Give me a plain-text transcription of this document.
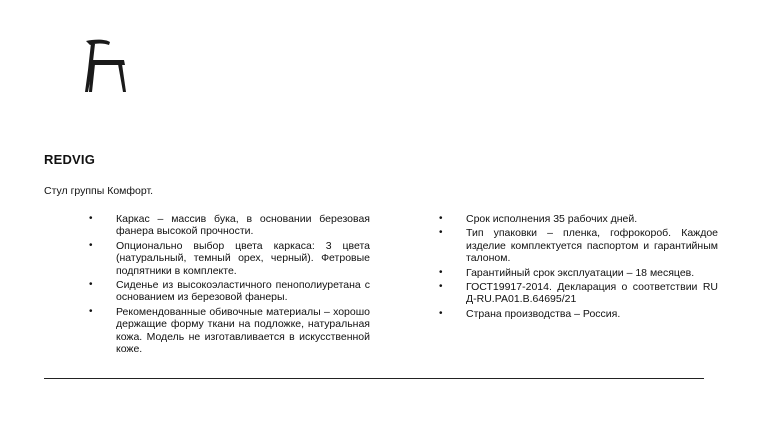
REDVIG
Стул группы Комфорт.
• Каркас – массив бука, в основании березовая фанера высокой прочности.
• Опционально выбор цвета каркаса: 3 цвета (натуральный, темный орех, черный). Фетровые подпятники в комплекте.
• Сиденье из высокоэластичного пенополиуретана с основанием из березовой фанеры.
• Рекомендованные обивочные материалы – хорошо держащие форму ткани на подложке, натуральная кожа. Модель не изготавливается в искусственной коже.
• Срок исполнения 35 рабочих дней.
• Тип упаковки – пленка, гофрокороб. Каждое изделие комплектуется паспортом и гарантийным талоном.
• Гарантийный срок эксплуатации – 18 месяцев.
• ГОСТ19917-2014. Декларация о соответствии RU Д-RU.РА01.В.64695/21
• Страна производства – Россия.
